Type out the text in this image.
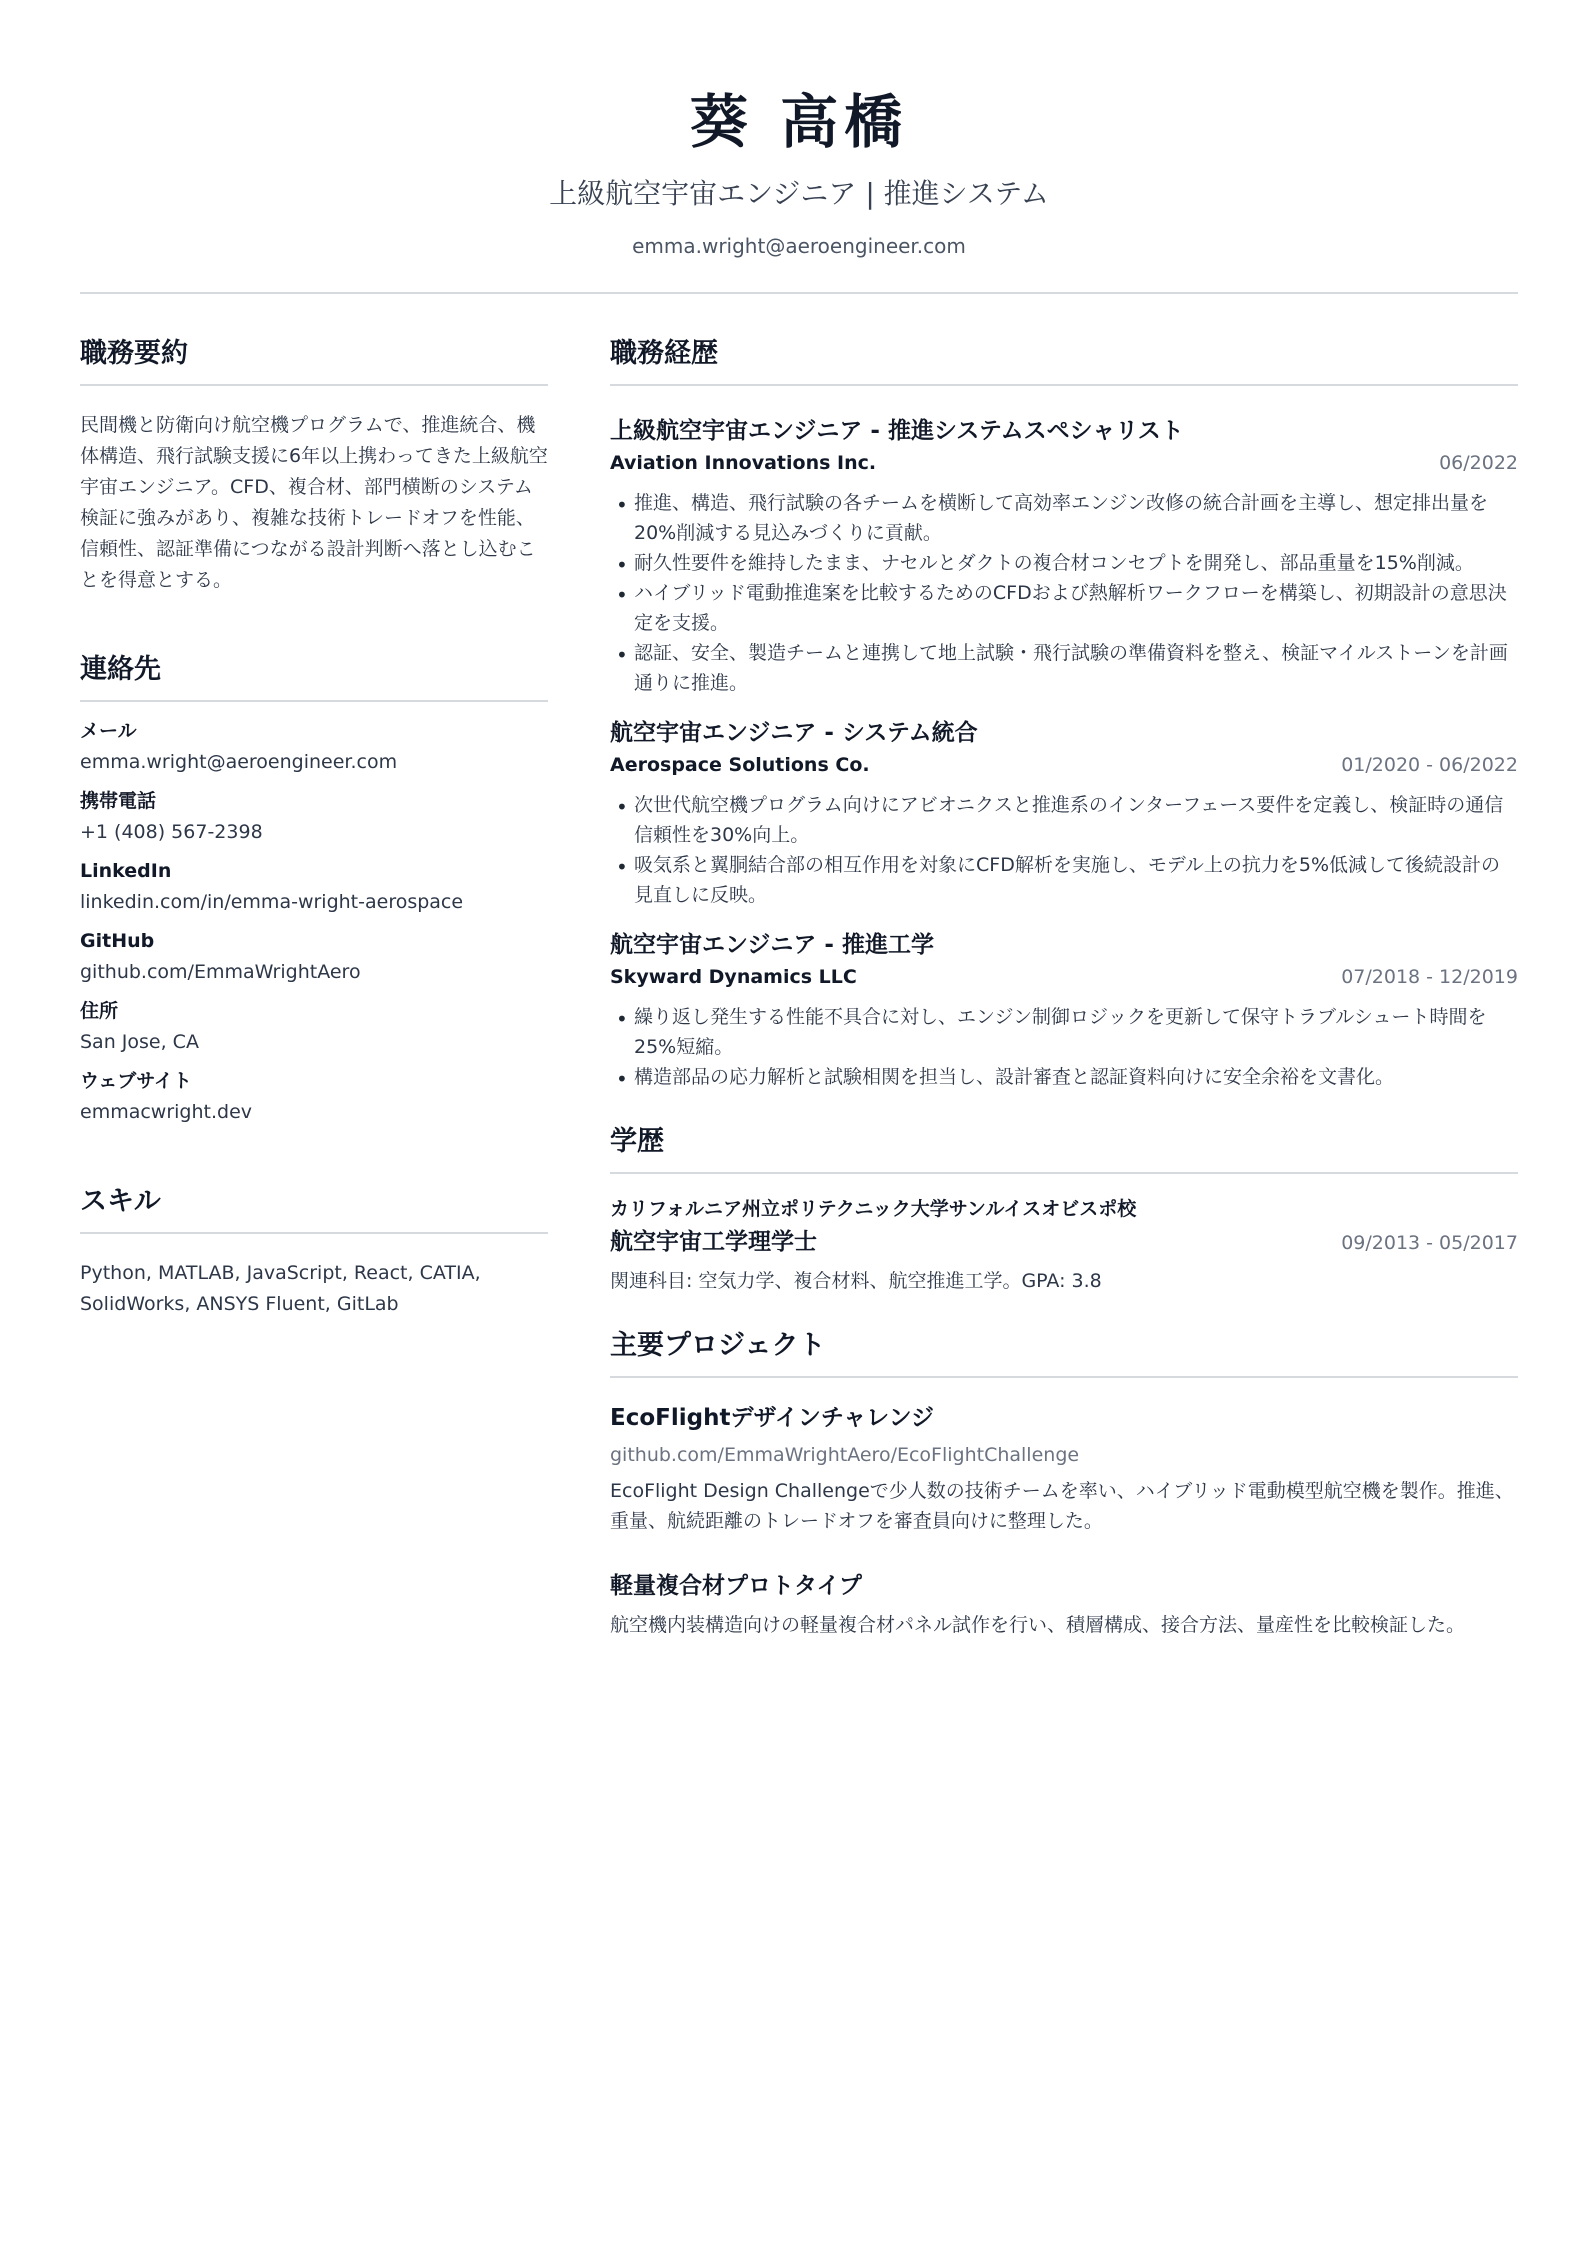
葵 高橋
上級航空宇宙エンジニア | 推進システム
emma.wright@aeroengineer.com
職務要約
民間機と防衛向け航空機プログラムで、推進統合、機体構造、飛行試験支援に6年以上携わってきた上級航空宇宙エンジニア。CFD、複合材、部門横断のシステム検証に強みがあり、複雑な技術トレードオフを性能、信頼性、認証準備につながる設計判断へ落とし込むことを得意とする。
連絡先
メール
emma.wright@aeroengineer.com
携帯電話
+1 (408) 567-2398
LinkedIn
linkedin.com/in/emma-wright-aerospace
GitHub
github.com/EmmaWrightAero
住所
San Jose, CA
ウェブサイト
emmacwright.dev
スキル
Python, MATLAB, JavaScript, React, CATIA, SolidWorks, ANSYS Fluent, GitLab
職務経歴
上級航空宇宙エンジニア - 推進システムスペシャリスト
Aviation Innovations Inc.	06/2022
• 推進、構造、飛行試験の各チームを横断して高効率エンジン改修の統合計画を主導し、想定排出量を20%削減する見込みづくりに貢献。
• 耐久性要件を維持したまま、ナセルとダクトの複合材コンセプトを開発し、部品重量を15%削減。
• ハイブリッド電動推進案を比較するためのCFDおよび熱解析ワークフローを構築し、初期設計の意思決定を支援。
• 認証、安全、製造チームと連携して地上試験・飛行試験の準備資料を整え、検証マイルストーンを計画通りに推進。
航空宇宙エンジニア - システム統合
Aerospace Solutions Co.	01/2020 - 06/2022
• 次世代航空機プログラム向けにアビオニクスと推進系のインターフェース要件を定義し、検証時の通信信頼性を30%向上。
• 吸気系と翼胴結合部の相互作用を対象にCFD解析を実施し、モデル上の抗力を5%低減して後続設計の見直しに反映。
航空宇宙エンジニア - 推進工学
Skyward Dynamics LLC	07/2018 - 12/2019
• 繰り返し発生する性能不具合に対し、エンジン制御ロジックを更新して保守トラブルシュート時間を25%短縮。
• 構造部品の応力解析と試験相関を担当し、設計審査と認証資料向けに安全余裕を文書化。
学歴
カリフォルニア州立ポリテクニック大学サンルイスオビスポ校
航空宇宙工学理学士	09/2013 - 05/2017
関連科目: 空気力学、複合材料、航空推進工学。GPA: 3.8
主要プロジェクト
EcoFlightデザインチャレンジ
github.com/EmmaWrightAero/EcoFlightChallenge
EcoFlight Design Challengeで少人数の技術チームを率い、ハイブリッド電動模型航空機を製作。推進、重量、航続距離のトレードオフを審査員向けに整理した。
軽量複合材プロトタイプ
航空機内装構造向けの軽量複合材パネル試作を行い、積層構成、接合方法、量産性を比較検証した。
